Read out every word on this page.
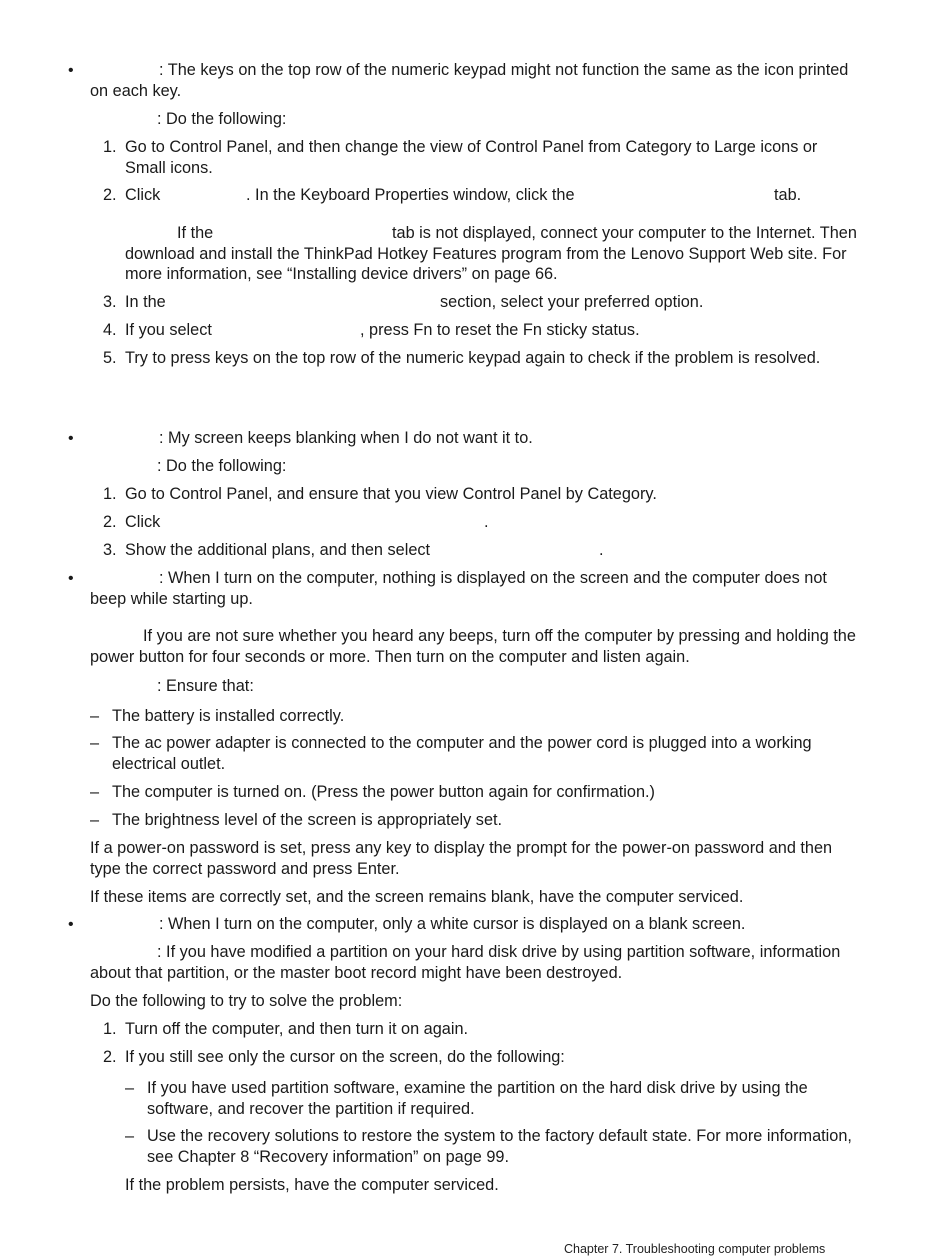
•	: The keys on the top row of the numeric keypad might not function the same as the icon printed
on each key.
: Do the following:
1. Go to Control Panel, and then change the view of Control Panel from Category to Large icons or
Small icons.
2. Click	. In the Keyboard Properties window, click the	tab.
If the	tab is not displayed, connect your computer to the Internet. Then
download and install the ThinkPad Hotkey Features program from the Lenovo Support Web site. For
more information, see “Installing device drivers” on page 66.
3. In the	section, select your preferred option.
4. If you select	, press Fn to reset the Fn sticky status.
5. Try to press keys on the top row of the numeric keypad again to check if the problem is resolved.
•	: My screen keeps blanking when I do not want it to.
: Do the following:
1. Go to Control Panel, and ensure that you view Control Panel by Category.
2. Click	.
3. Show the additional plans, and then select	.
•	: When I turn on the computer, nothing is displayed on the screen and the computer does not
beep while starting up.
If you are not sure whether you heard any beeps, turn off the computer by pressing and holding the
power button for four seconds or more. Then turn on the computer and listen again.
: Ensure that:
– The battery is installed correctly.
– The ac power adapter is connected to the computer and the power cord is plugged into a working
electrical outlet.
– The computer is turned on. (Press the power button again for confirmation.)
– The brightness level of the screen is appropriately set.
If a power-on password is set, press any key to display the prompt for the power-on password and then
type the correct password and press Enter.
If these items are correctly set, and the screen remains blank, have the computer serviced.
•	: When I turn on the computer, only a white cursor is displayed on a blank screen.
: If you have modified a partition on your hard disk drive by using partition software, information
about that partition, or the master boot record might have been destroyed.
Do the following to try to solve the problem:
1. Turn off the computer, and then turn it on again.
2. If you still see only the cursor on the screen, do the following:
– If you have used partition software, examine the partition on the hard disk drive by using the
software, and recover the partition if required.
– Use the recovery solutions to restore the system to the factory default state. For more information,
see Chapter 8 “Recovery information” on page 99.
If the problem persists, have the computer serviced.
Chapter 7. Troubleshooting computer problems
